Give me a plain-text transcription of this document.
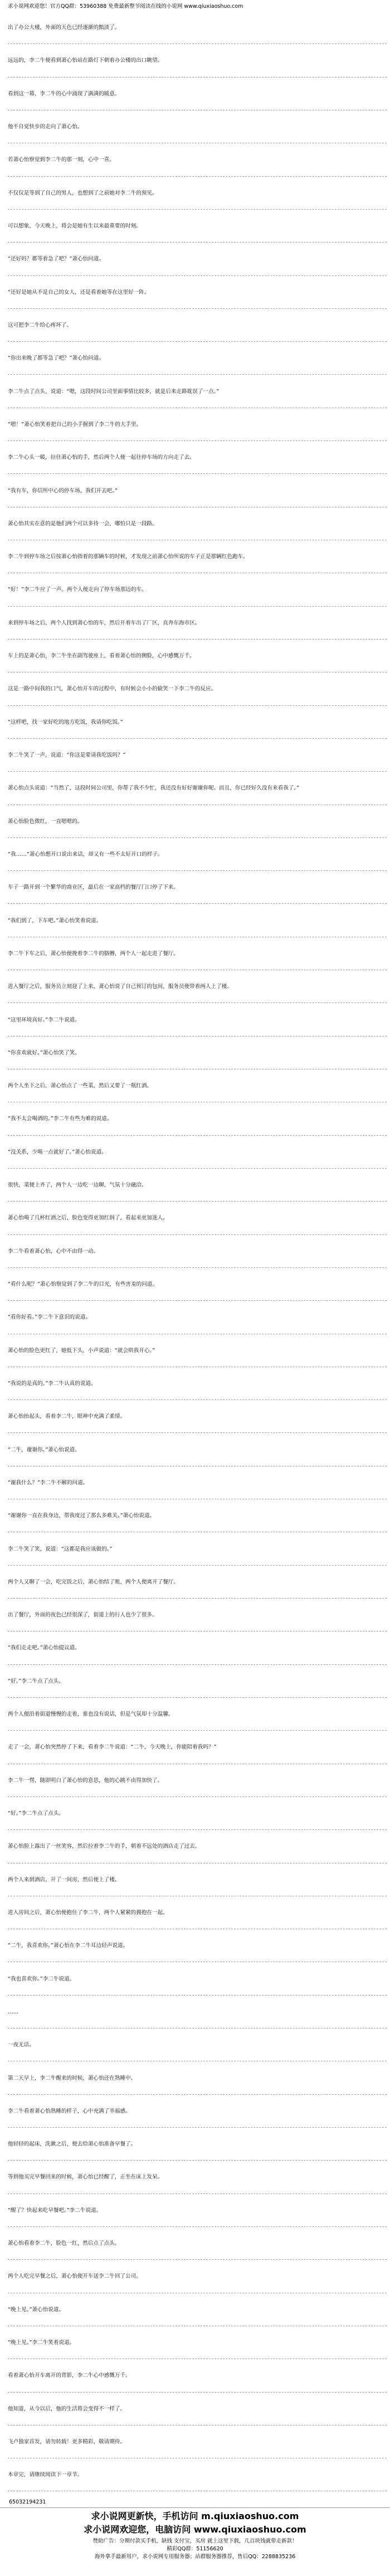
求小说网欢迎您！官方QQ群：53960388 免费最新整节阅读在线的小说网 www.qiuxiaoshuo.com
出了办公大楼，外面的天色已经逐渐的黯淡了。
远远的，李二牛便看到萧心怡站在路灯下朝着办公楼的出口眺望。
看到这一幕，李二牛的心中涌现了满满的暖意。
他不自觉快步的走向了萧心怡。
若萧心怡察觉到李二牛的那一刻，心中一喜。
不仅仅是等到了自己的男人，也想到了之前她对李二牛的预见。
可以想象，今天晚上，将会是她有生以来最重要的时刻。
“还好吗？都等着急了吧？”萧心怡问道。
“还好是她从不是自己的女人，还是看着她等在这里好一阵。
这可把李二牛给心疼坏了。
“你出来晚了都等急了吧？”萧心怡问道。
李二牛点了点头，说道：“嗯，这段时间公司里面事情比较多，就是后来走路耽误了一点。”
“嗯！”萧心怡笑着把自己的小手握到了李二牛的大手里。
李二牛心头一暖，拉住萧心怡的手，然后两个人便一起往停车场的方向走了去。
“我有车，你信所中心的停车场，我们开去吧。”
萧心怡其实在意的是他们两个可以多待一会，哪怕只是一段路。
李二牛到停车场之后按萧心怡指着的那辆车的时候，才发现之前萧心怡所说的车子正是那辆红色跑车。
“好！”李二牛应了一声。两个人便走向了停车场那边的车。
来到停车场之后，两个人找到萧心怡的车，然后开着车出了厂区，直奔东海市区。
车上的是萧心怡，李二牛坐在副驾驶座上，看着萧心怡的侧脸，心中感慨万千。
这是一路中间我的口气，萧心怡开车的过程中，有时候会小小的偷笑一下李二牛的反应。
“这样吧，找一家好吃的地方吃饭，我请你吃饭。”
李二牛笑了一声，说道：“你这是要请我吃饭吗？”
萧心怡点头说道：“当然了，这段时间公司里，你帮了我不少忙，我还没有好好谢谢你呢。而且，你已经好久没有来看我了。”
萧心怡脸色微红，一直嗯嗯的。
“我……”萧心怡想开口说出来话，却又有一些不太好开口的样子。
车子一路开到一个繁华的商业区，最后在一家高档的餐厅门口停了下来。
“我们到了，下车吧。”萧心怡笑着说道。
李二牛下车之后，萧心怡便挽着李二牛的胳膊，两个人一起走进了餐厅。
进入餐厅之后，服务员立刻迎了上来，萧心怡说了自己预订的包间，服务员便带着两人上了楼。
“这里环境真好。”李二牛说道。
“你喜欢就好。”萧心怡笑了笑。
两个人坐下之后，萧心怡点了一些菜，然后又要了一瓶红酒。
“我不太会喝酒的。”李二牛有些为难的说道。
“没关系，少喝一点就好了。”萧心怡说道。
很快，菜便上齐了，两个人一边吃一边聊，气氛十分融洽。
萧心怡喝了几杯红酒之后，脸色变得更加红润了，看起来更加迷人。
李二牛看着萧心怡，心中不由得一动。
“看什么呢？”萧心怡察觉到了李二牛的目光，有些害羞的问道。
“看你好看。”李二牛下意识的说道。
萧心怡的脸色更红了，她低下头，小声说道：“就会哄我开心。”
“我说的是真的。”李二牛认真的说道。
萧心怡抬起头，看着李二牛，眼神中充满了柔情。
“二牛，谢谢你。”萧心怡说道。
“谢我什么？”李二牛不解的问道。
“谢谢你一直在我身边，帮我度过了那么多难关。”萧心怡说道。
李二牛笑了笑，说道：“这都是我应该做的。”
两个人又聊了一会，吃完饭之后，萧心怡结了账，两个人便离开了餐厅。
出了餐厅，外面的夜色已经很深了，街道上的行人也少了很多。
“我们走走吧。”萧心怡提议道。
“好。”李二牛点了点头。
两个人便沿着街道慢慢的走着，谁也没有说话，但是气氛却十分温馨。
走了一会，萧心怡突然停了下来，看着李二牛说道：“二牛，今天晚上，你能陪着我吗？”
李二牛一愣，随即明白了萧心怡的意思，他的心跳不由得加快了。
“好。”李二牛点了点头。
萧心怡脸上露出了一丝笑容，然后拉着李二牛的手，朝着不远处的酒店走了过去。
两个人来到酒店，开了一间房，然后便上了楼。
进入房间之后，萧心怡便抱住了李二牛，两个人紧紧的拥抱在一起。
“二牛，我喜欢你。”萧心怡在李二牛耳边轻声说道。
“我也喜欢你。”李二牛说道。
……
一夜无话。
第二天早上，李二牛醒来的时候，萧心怡还在熟睡中。
李二牛看着萧心怡熟睡的样子，心中充满了幸福感。
他轻轻的起床，洗漱之后，便去给萧心怡准备早餐了。
等到他买完早餐回来的时候，萧心怡已经醒了，正坐在床上发呆。
“醒了？快起来吃早餐吧。”李二牛说道。
萧心怡看着李二牛，脸色一红，然后点了点头。
两个人吃完早餐之后，萧心怡便开车送李二牛回了公司。
“晚上见。”萧心怡说道。
“晚上见。”李二牛笑着说道。
看着萧心怡开车离开的背影，李二牛心中感慨万千。
他知道，从今以后，他的生活将会变得不一样了。
飞卢独家首发，请勿转载！更多精彩，敬请期待。
本章完，请继续阅读下一章节。
6503219423​1
求小说网更新快，手机访问 m.qiuxiaoshuo.com
求小说网欢迎您，电脑访问 www.qiuxiaoshuo.com
赞助广告：分期付款买手机，缺钱 支付宝，买房 就上这里下载，几百块钱就带走新款！
精彩QQ群：51156620
海外拿手最新用户，求小说网专用服务器；站群服务器推荐，售后QQ：2288835236
